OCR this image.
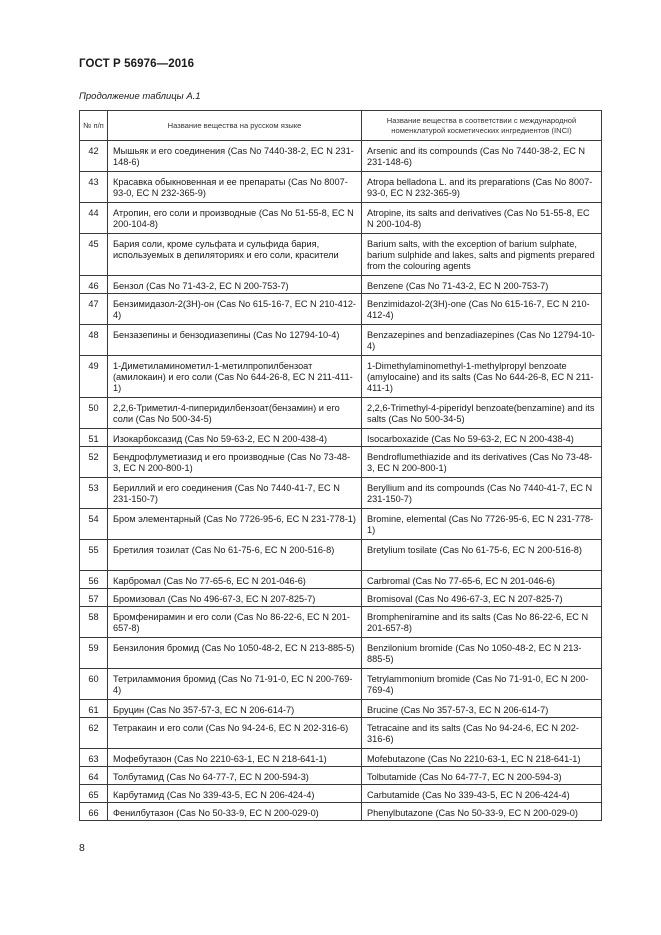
ГОСТ Р 56976—2016
Продолжение таблицы А.1
№ п/п	Название вещества на русском языке	Название вещества в соответствии с международной номенклатурой косметических ингредиентов (INCI)
42	Мышьяк и его соединения (Cas No 7440-38-2, EC N 231-148-6)	Arsenic and its compounds (Cas No 7440-38-2, EC N 231-148-6)
43	Красавка обыкновенная и ее препараты (Cas No 8007-93-0, EC N 232-365-9)	Atropa belladona L. and its preparations (Cas No 8007-93-0, EC N 232-365-9)
44	Атропин, его соли и производные (Cas No 51-55-8, EC N 200-104-8)	Atropine, its salts and derivatives (Cas No 51-55-8, EC N 200-104-8)
45	Бария соли, кроме сульфата и сульфида бария, используемых в депиляториях и его соли, красители	Barium salts, with the exception of barium sulphate, barium sulphide and lakes, salts and pigments prepared from the colouring agents
46	Бензол (Cas No 71-43-2, EC N 200-753-7)	Benzene (Cas No 71-43-2, EC N 200-753-7)
47	Бензимидазол-2(3H)-он (Cas No 615-16-7, EC N 210-412-4)	Benzimidazol-2(3H)-one (Cas No 615-16-7, EC N 210-412-4)
48	Бензазепины и бензодиазепины (Cas No 12794-10-4)	Benzazepines and benzadiazepines (Cas No 12794-10-4)
49	1-Диметиламинометил-1-метилпропилбензоат (амилокаин) и его соли (Cas No 644-26-8, EC N 211-411-1)	1-Dimethylaminomethyl-1-methylpropyl benzoate (amylocaine) and its salts (Cas No 644-26-8, EC N 211-411-1)
50	2,2,6-Триметил-4-пиперидилбензоат(бензамин) и его соли (Cas No 500-34-5)	2,2,6-Trimethyl-4-piperidyl benzoate(benzamine) and its salts (Cas No 500-34-5)
51	Изокарбоксазид (Cas No 59-63-2, EC N 200-438-4)	Isocarboxazide (Cas No 59-63-2, EC N 200-438-4)
52	Бендрофлуметиазид и его производные (Cas No 73-48-3, EC N 200-800-1)	Bendroflumethiazide and its derivatives (Cas No 73-48-3, EC N 200-800-1)
53	Бериллий и его соединения (Cas No 7440-41-7, EC N 231-150-7)	Beryllium and its compounds (Cas No 7440-41-7, EC N 231-150-7)
54	Бром элементарный (Cas No 7726-95-6, EC N 231-778-1)	Bromine, elemental (Cas No 7726-95-6, EC N 231-778-1)
55	Бретилия тозилат (Cas No 61-75-6, EC N 200-516-8)	Bretylium tosilate (Cas No 61-75-6, EC N 200-516-8)
56	Карбромал (Cas No 77-65-6, EC N 201-046-6)	Carbromal (Cas No 77-65-6, EC N 201-046-6)
57	Бромизовал (Cas No 496-67-3, EC N 207-825-7)	Bromisoval (Cas No 496-67-3, EC N 207-825-7)
58	Бромфенирамин и его соли (Cas No 86-22-6, EC N 201-657-8)	Brompheniramine and its salts (Cas No 86-22-6, EC N 201-657-8)
59	Бензилония бромид (Cas No 1050-48-2, EC N 213-885-5)	Benzilonium bromide (Cas No 1050-48-2, EC N 213-885-5)
60	Тетриламмония бромид (Cas No 71-91-0, EC N 200-769-4)	Tetrylammonium bromide (Cas No 71-91-0, EC N 200-769-4)
61	Бруцин (Cas No 357-57-3, EC N 206-614-7)	Brucine (Cas No 357-57-3, EC N 206-614-7)
62	Тетракаин и его соли (Cas No 94-24-6, EC N 202-316-6)	Tetracaine and its salts (Cas No 94-24-6, EC N 202-316-6)
63	Мофебутазон (Cas No 2210-63-1, EC N 218-641-1)	Mofebutazone (Cas No 2210-63-1, EC N 218-641-1)
64	Толбутамид (Cas No 64-77-7, EC N 200-594-3)	Tolbutamide (Cas No 64-77-7, EC N 200-594-3)
65	Карбутамид (Cas No 339-43-5, EC N 206-424-4)	Carbutamide (Cas No 339-43-5, EC N 206-424-4)
66	Фенилбутазон (Cas No 50-33-9, EC N 200-029-0)	Phenylbutazone (Cas No 50-33-9, EC N 200-029-0)
8
